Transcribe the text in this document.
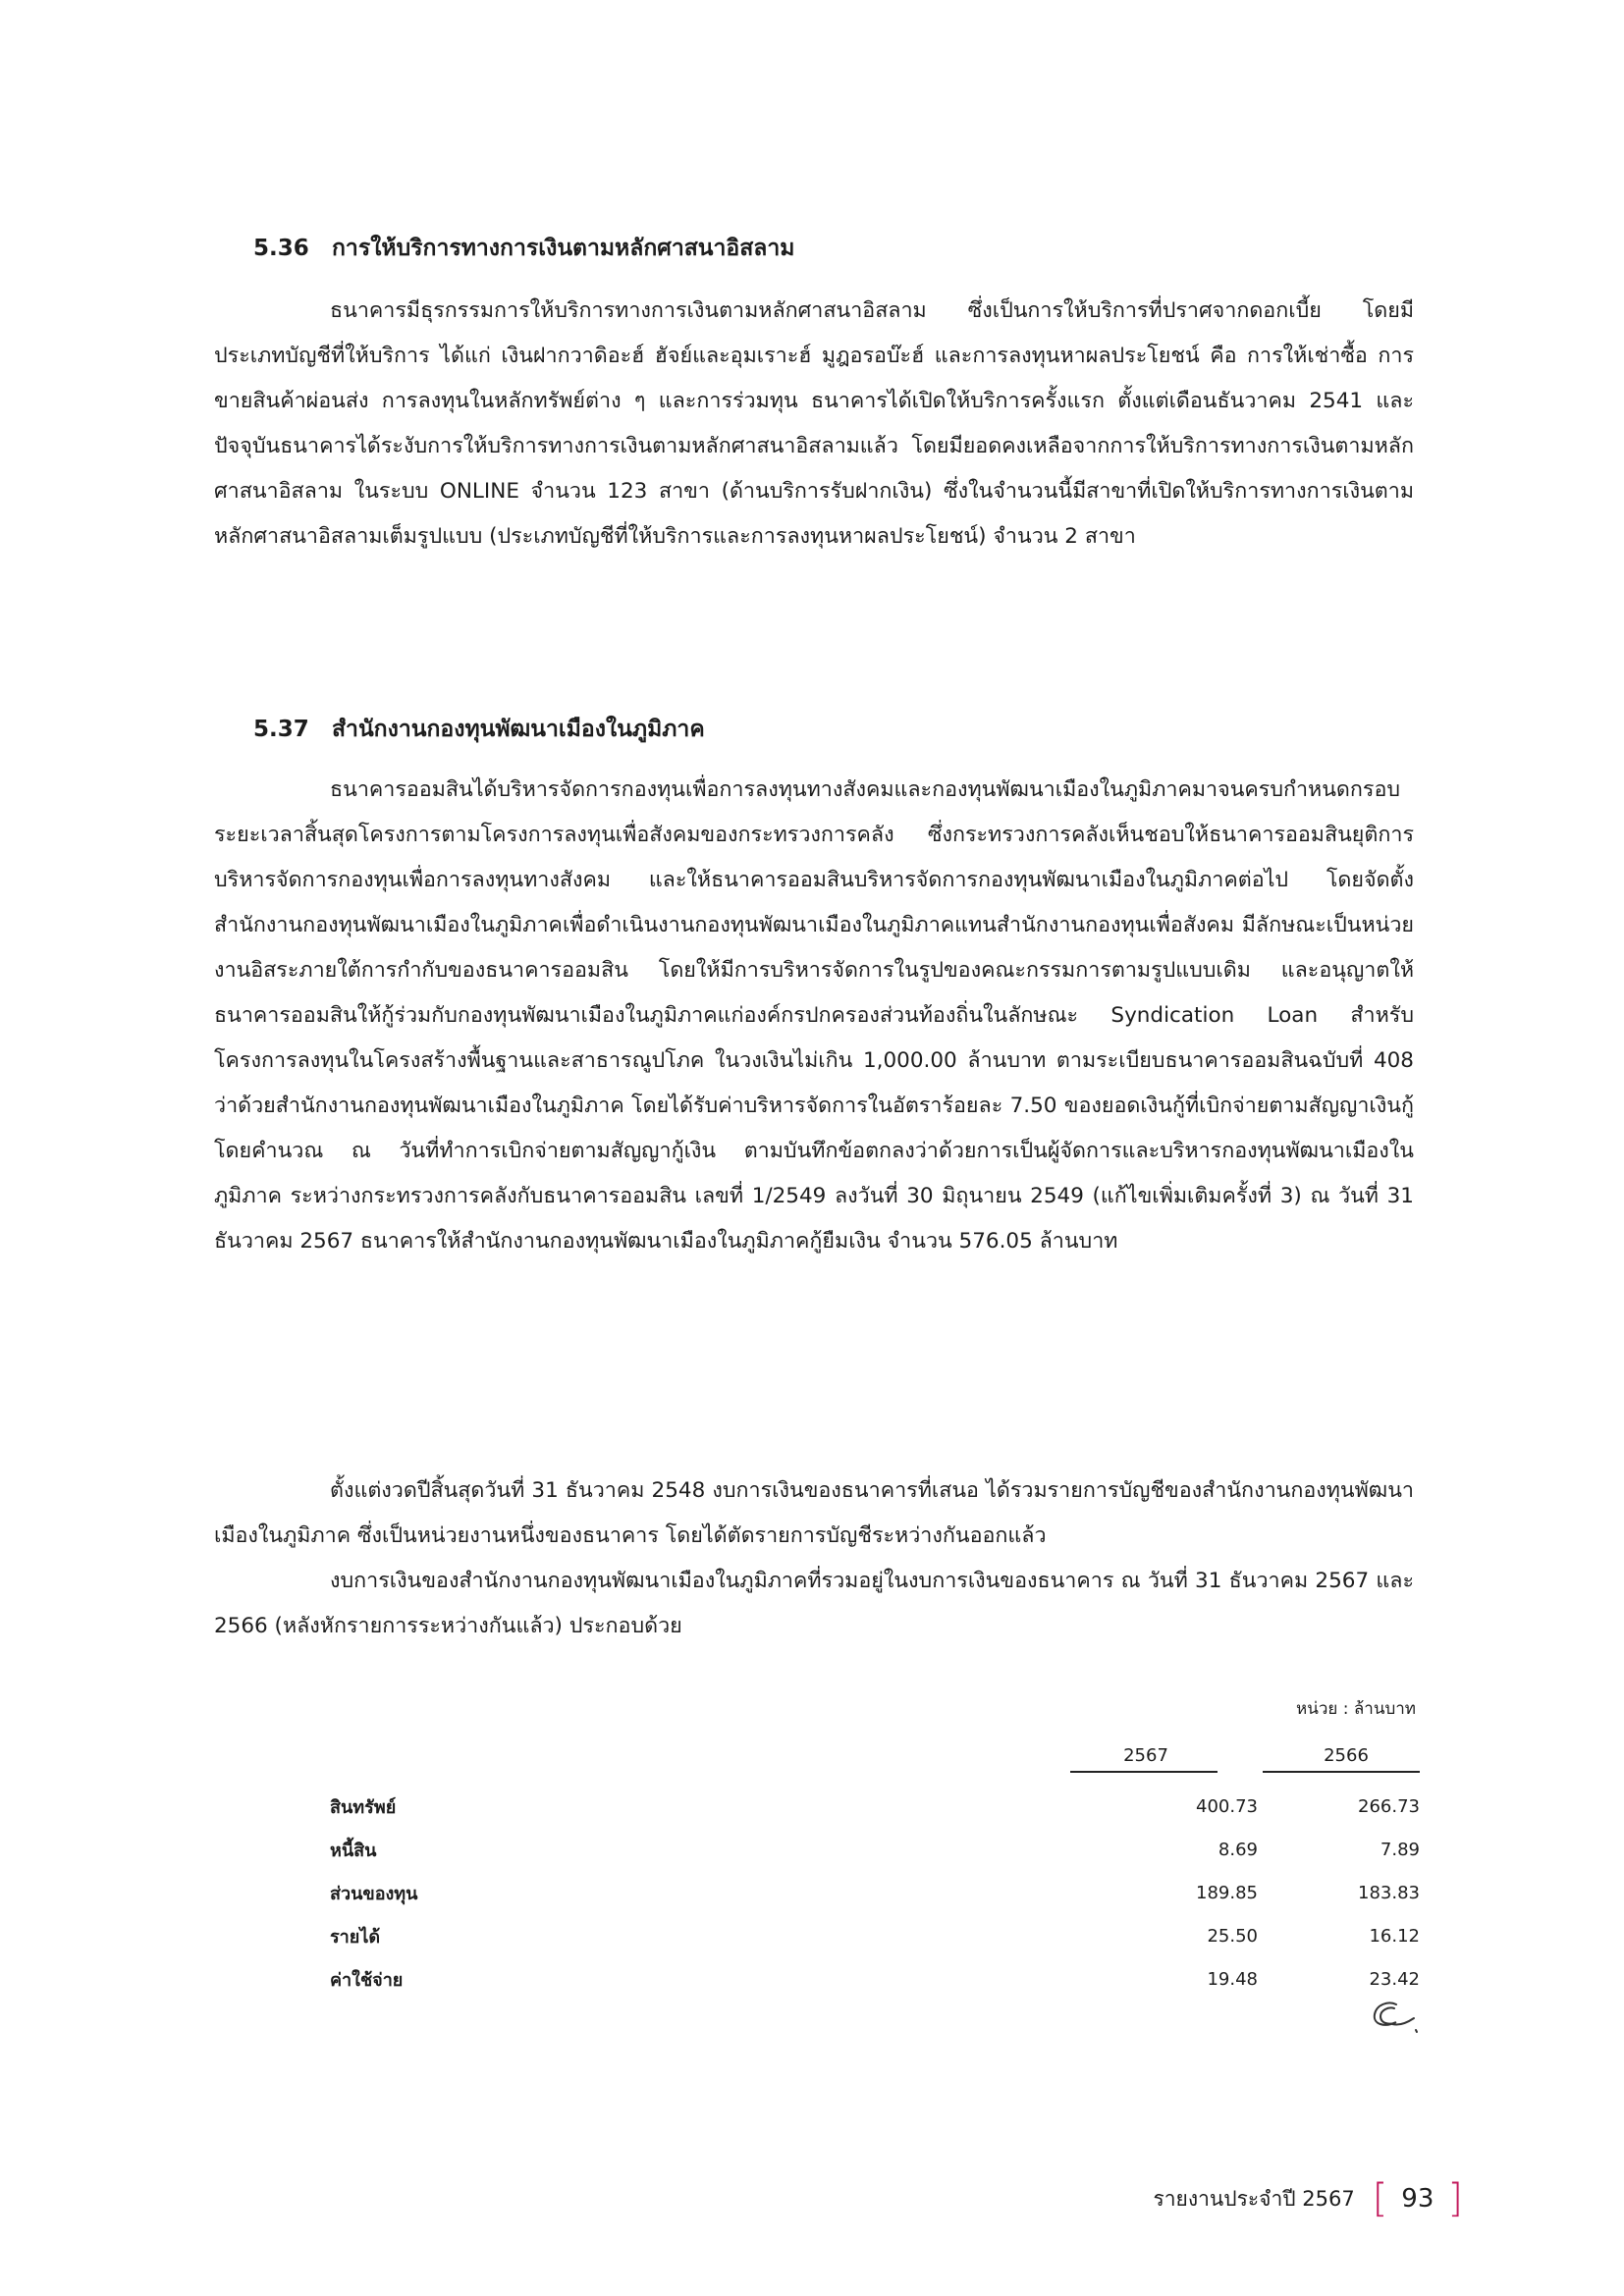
5.36 การให้บริการทางการเงินตามหลักศาสนาอิสลาม

ธนาคารมีธุรกรรมการให้บริการทางการเงินตามหลักศาสนาอิสลาม ซึ่งเป็นการให้บริการที่ปราศจากดอกเบี้ย โดยมีประเภทบัญชีที่ให้บริการ ได้แก่ เงินฝากวาดิอะฮ์ ฮัจย์และอุมเราะฮ์ มูฎอรอบ๊ะฮ์ และการลงทุนหาผลประโยชน์ คือ การให้เช่าซื้อ การขายสินค้าผ่อนส่ง การลงทุนในหลักทรัพย์ต่าง ๆ และการร่วมทุน ธนาคารได้เปิดให้บริการครั้งแรก ตั้งแต่เดือนธันวาคม 2541 และปัจจุบันธนาคารได้ระงับการให้บริการทางการเงินตามหลักศาสนาอิสลามแล้ว โดยมียอดคงเหลือจากการให้บริการทางการเงินตามหลักศาสนาอิสลาม ในระบบ ONLINE จำนวน 123 สาขา (ด้านบริการรับฝากเงิน) ซึ่งในจำนวนนี้มีสาขาที่เปิดให้บริการทางการเงินตามหลักศาสนาอิสลามเต็มรูปแบบ (ประเภทบัญชีที่ให้บริการและการลงทุนหาผลประโยชน์) จำนวน 2 สาขา

5.37 สำนักงานกองทุนพัฒนาเมืองในภูมิภาค

ธนาคารออมสินได้บริหารจัดการกองทุนเพื่อการลงทุนทางสังคมและกองทุนพัฒนาเมืองในภูมิภาคมาจนครบกำหนดกรอบระยะเวลาสิ้นสุดโครงการตามโครงการลงทุนเพื่อสังคมของกระทรวงการคลัง ซึ่งกระทรวงการคลังเห็นชอบให้ธนาคารออมสินยุติการบริหารจัดการกองทุนเพื่อการลงทุนทางสังคม และให้ธนาคารออมสินบริหารจัดการกองทุนพัฒนาเมืองในภูมิภาคต่อไป โดยจัดตั้งสำนักงานกองทุนพัฒนาเมืองในภูมิภาคเพื่อดำเนินงานกองทุนพัฒนาเมืองในภูมิภาคแทนสำนักงานกองทุนเพื่อสังคม มีลักษณะเป็นหน่วยงานอิสระภายใต้การกำกับของธนาคารออมสิน โดยให้มีการบริหารจัดการในรูปของคณะกรรมการตามรูปแบบเดิม และอนุญาตให้ธนาคารออมสินให้กู้ร่วมกับกองทุนพัฒนาเมืองในภูมิภาคแก่องค์กรปกครองส่วนท้องถิ่นในลักษณะ Syndication Loan สำหรับโครงการลงทุนในโครงสร้างพื้นฐานและสาธารณูปโภค ในวงเงินไม่เกิน 1,000.00 ล้านบาท ตามระเบียบธนาคารออมสินฉบับที่ 408 ว่าด้วยสำนักงานกองทุนพัฒนาเมืองในภูมิภาค โดยได้รับค่าบริหารจัดการในอัตราร้อยละ 7.50 ของยอดเงินกู้ที่เบิกจ่ายตามสัญญาเงินกู้ โดยคำนวณ ณ วันที่ทำการเบิกจ่ายตามสัญญากู้เงิน ตามบันทึกข้อตกลงว่าด้วยการเป็นผู้จัดการและบริหารกองทุนพัฒนาเมืองในภูมิภาค ระหว่างกระทรวงการคลังกับธนาคารออมสิน เลขที่ 1/2549 ลงวันที่ 30 มิถุนายน 2549 (แก้ไขเพิ่มเติมครั้งที่ 3) ณ วันที่ 31 ธันวาคม 2567 ธนาคารให้สำนักงานกองทุนพัฒนาเมืองในภูมิภาคกู้ยืมเงิน จำนวน 576.05 ล้านบาท

ตั้งแต่งวดปีสิ้นสุดวันที่ 31 ธันวาคม 2548 งบการเงินของธนาคารที่เสนอ ได้รวมรายการบัญชีของสำนักงานกองทุนพัฒนาเมืองในภูมิภาค ซึ่งเป็นหน่วยงานหนึ่งของธนาคาร โดยได้ตัดรายการบัญชีระหว่างกันออกแล้ว

งบการเงินของสำนักงานกองทุนพัฒนาเมืองในภูมิภาคที่รวมอยู่ในงบการเงินของธนาคาร ณ วันที่ 31 ธันวาคม 2567 และ 2566 (หลังหักรายการระหว่างกันแล้ว) ประกอบด้วย

หน่วย : ล้านบาท
2567	2566
สินทรัพย์		400.73		266.73
หนี้สิน		8.69		7.89
ส่วนของทุน		189.85		183.83
รายได้		25.50		16.12
ค่าใช้จ่าย		19.48		23.42
รายงานประจำปี 2567 [ 93 ]
